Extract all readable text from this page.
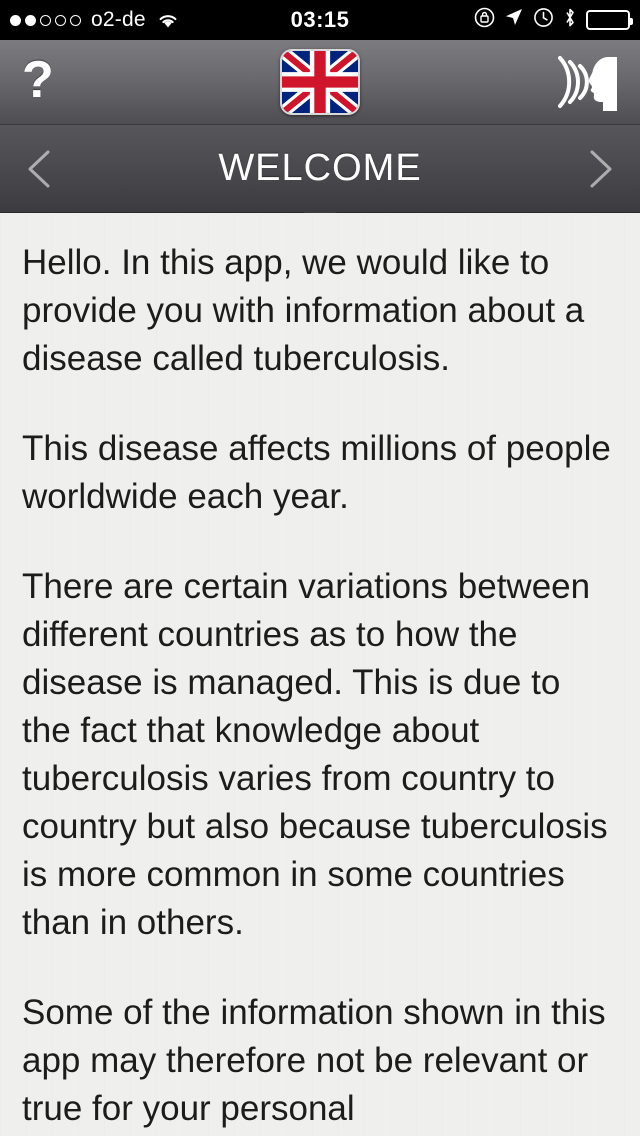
o2-de	03:15
?
WELCOME

Hello. In this app, we would like to provide you with information about a disease called tuberculosis.

This disease affects millions of people worldwide each year.

There are certain variations between different countries as to how the disease is managed. This is due to the fact that knowledge about tuberculosis varies from country to country but also because tuberculosis is more common in some countries than in others.

Some of the information shown in this app may therefore not be relevant or true for your personal
